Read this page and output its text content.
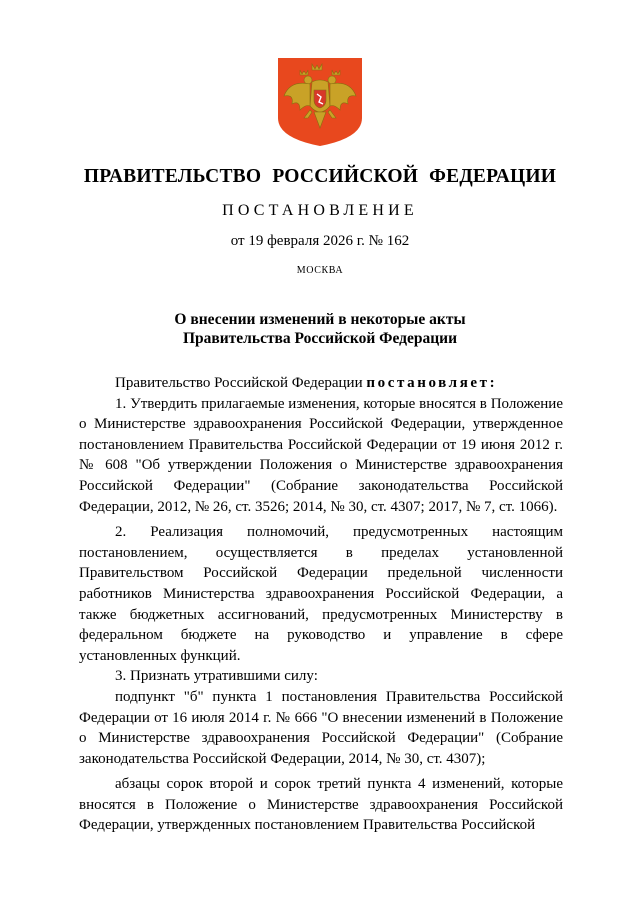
ПРАВИТЕЛЬСТВО РОССИЙСКОЙ ФЕДЕРАЦИИ
ПОСТАНОВЛЕНИЕ
от 19 февраля 2026 г. № 162
МОСКВА
О внесении изменений в некоторые акты
Правительства Российской Федерации

Правительство Российской Федерации постановляет:

1. Утвердить прилагаемые изменения, которые вносятся в Положение о Министерстве здравоохранения Российской Федерации, утвержденное постановлением Правительства Российской Федерации от 19 июня 2012 г. № 608 "Об утверждении Положения о Министерстве здравоохранения Российской Федерации" (Собрание законодательства Российской Федерации, 2012, № 26, ст. 3526; 2014, № 30, ст. 4307; 2017, № 7, ст. 1066).

2. Реализация полномочий, предусмотренных настоящим постановлением, осуществляется в пределах установленной Правительством Российской Федерации предельной численности работников Министерства здравоохранения Российской Федерации, а также бюджетных ассигнований, предусмотренных Министерству в федеральном бюджете на руководство и управление в сфере установленных функций.

3. Признать утратившими силу:

подпункт "б" пункта 1 постановления Правительства Российской Федерации от 16 июля 2014 г. № 666 "О внесении изменений в Положение о Министерстве здравоохранения Российской Федерации" (Собрание законодательства Российской Федерации, 2014, № 30, ст. 4307);

абзацы сорок второй и сорок третий пункта 4 изменений, которые вносятся в Положение о Министерстве здравоохранения Российской Федерации, утвержденных постановлением Правительства Российской
